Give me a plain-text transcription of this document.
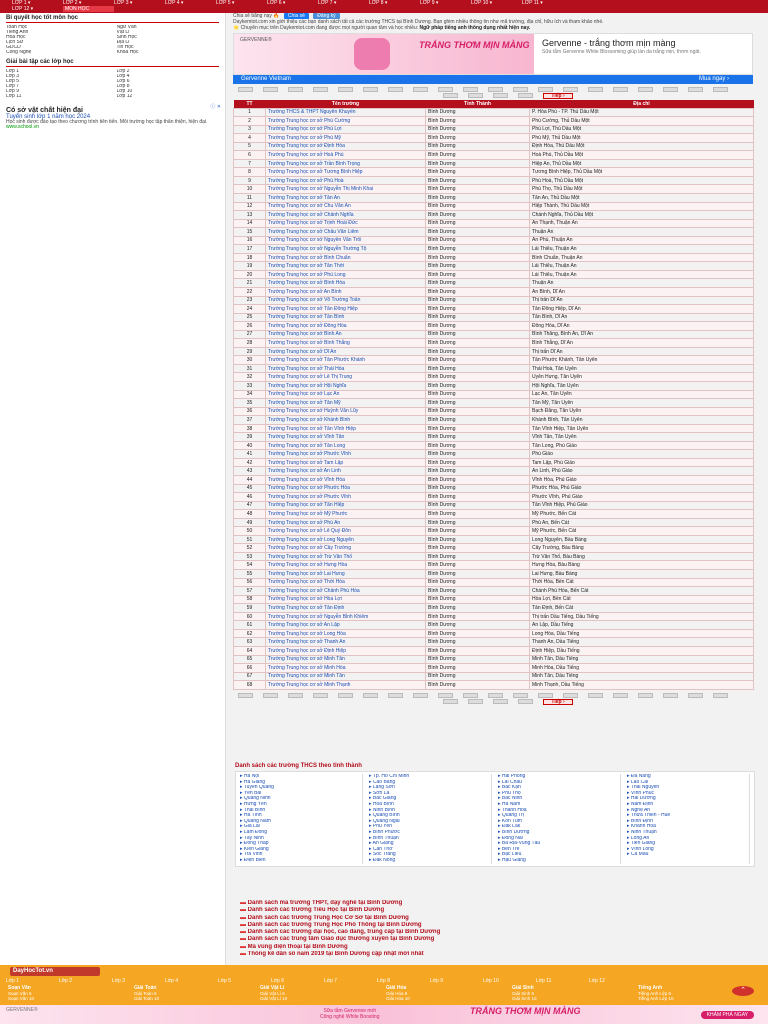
LỚP 1 ▾	LỚP 2 ▾	LỚP 3 ▾	LỚP 4 ▾	LỚP 5 ▾	LỚP 6 ▾	LỚP 7 ▾	LỚP 8 ▾	LỚP 9 ▾	LỚP 10 ▾	LỚP 11 ▾
LỚP 12 ▾	MÔN HỌC
Bí quyết học tốt môn học
Toán Học	Ngữ Văn
Tiếng Anh	Vật Lí
Hóa Học	Sinh Học
Lịch Sử	Địa Lí
GDCD	Tin Học
Công Nghệ	Khoa Học
Giải bài tập các lớp học
Lớp 1	Lớp 2
Lớp 3	Lớp 4
Lớp 5	Lớp 6
Lớp 7	Lớp 8
Lớp 9	Lớp 10
Lớp 11	Lớp 12
ⓘ ✕
Có sở vật chất hiện đại
Tuyển sinh lớp 1 năm học 2024
Học sinh được đào tạo theo chương trình tiên tiến. Môi trường học tập thân thiện, hiện đại.
www.school.vn
Chia sẻ bằng nạy 🔥 Chia sẻ Đăng ký
Daykemtot.com xin giới thiệu các bạn danh sách tất cả các trường THCS tại Bình Dương. Bạn ghim nhiều thông tin như mã trường, địa chỉ, hữu ích và tham khảo nhé.
⭐ Chuyên mục trên Daykemtot.com đang được mọi người quan tâm và học nhiều: Ngữ pháp tiếng anh thông dụng nhất hiện nay.
GERVENNE®	TRẮNG THƠM MỊN MÀNG Gervenne - trắng thơm mịn màng
Sữa tắm Gervenne White Blossoming giúp làn da trắng mịn, thơm ngát.
Gervenne Vietnam	Mua ngay ›
Tiếp ›
TT	Tên trường	Tỉnh Thành	Địa chỉ
1	Trường THCS & THPT Nguyễn Khuyến	Bình Dương	P. Hòa Phú - TP. Thủ Dầu Một
2	Trường Trung học cơ sở Phú Cường	Bình Dương	Phú Cường, Thủ Dầu Một
3	Trường Trung học cơ sở Phú Lợi	Bình Dương	Phú Lợi, Thủ Dầu Một
4	Trường Trung học cơ sở Phú Mỹ	Bình Dương	Phú Mỹ, Thủ Dầu Một
5	Trường Trung học cơ sở Định Hòa	Bình Dương	Định Hòa, Thủ Dầu Một
6	Trường Trung học cơ sở Hoà Phú	Bình Dương	Hoà Phú, Thủ Dầu Một
7	Trường Trung học cơ sở Trần Bình Trọng	Bình Dương	Hiệp An, Thủ Dầu Một
8	Trường Trung học cơ sở Tương Bình Hiệp	Bình Dương	Tương Bình Hiệp, Thủ Dầu Một
9	Trường Trung học cơ sở Phú Hoà	Bình Dương	Phú Hoà, Thủ Dầu Một
10	Trường Trung học cơ sở Nguyễn Thị Minh Khai	Bình Dương	Phú Thọ, Thủ Dầu Một
11	Trường Trung học cơ sở Tân An	Bình Dương	Tân An, Thủ Dầu Một
12	Trường Trung học cơ sở Chu Văn An	Bình Dương	Hiệp Thành, Thủ Dầu Một
13	Trường Trung học cơ sở Chánh Nghĩa	Bình Dương	Chánh Nghĩa, Thủ Dầu Một
14	Trường Trung học cơ sở Trịnh Hoài Đức	Bình Dương	An Thạnh, Thuận An
15	Trường Trung học cơ sở Châu Văn Liêm	Bình Dương	Thuận An
16	Trường Trung học cơ sở Nguyễn Văn Trỗi	Bình Dương	An Phú, Thuận An
17	Trường Trung học cơ sở Nguyễn Trường Tộ	Bình Dương	Lái Thiêu, Thuận An
18	Trường Trung học cơ sở Bình Chuẩn	Bình Dương	Bình Chuẩn, Thuận An
19	Trường Trung học cơ sở Tân Thới	Bình Dương	Lái Thiêu, Thuận An
20	Trường Trung học cơ sở Phú Long	Bình Dương	Lái Thiêu, Thuận An
21	Trường Trung học cơ sở Bình Hòa	Bình Dương	Thuận An
22	Trường Trung học cơ sở An Bình	Bình Dương	An Bình, Dĩ An
23	Trường Trung học cơ sở Võ Trường Toản	Bình Dương	Thị trấn Dĩ An
24	Trường Trung học cơ sở Tân Đông Hiệp	Bình Dương	Tân Đông Hiệp, Dĩ An
25	Trường Trung học cơ sở Tân Bình	Bình Dương	Tân Bình, Dĩ An
26	Trường Trung học cơ sở Đông Hòa	Bình Dương	Đông Hòa, Dĩ An
27	Trường Trung học cơ sở Bình An	Bình Dương	Bình Thắng, Bình An, Dĩ An
28	Trường Trung học cơ sở Bình Thắng	Bình Dương	Bình Thắng, Dĩ An
29	Trường Trung học cơ sở Dĩ An	Bình Dương	Thị trấn Dĩ An
30	Trường Trung học cơ sở Tân Phước Khánh	Bình Dương	Tân Phước Khánh, Tân Uyên
31	Trường Trung học cơ sở Thái Hòa	Bình Dương	Thái Hoà, Tân Uyên
32	Trường Trung học cơ sở Lê Thị Trung	Bình Dương	Uyên Hưng, Tân Uyên
33	Trường Trung học cơ sở Hội Nghĩa	Bình Dương	Hội Nghĩa, Tân Uyên
34	Trường Trung học cơ sở Lạc An	Bình Dương	Lạc An, Tân Uyên
35	Trường Trung học cơ sở Tân Mỹ	Bình Dương	Tân Mỹ, Tân Uyên
36	Trường Trung học cơ sở Huỳnh Văn Lũy	Bình Dương	Bạch Đằng, Tân Uyên
37	Trường Trung học cơ sở Khánh Bình	Bình Dương	Khánh Bình, Tân Uyên
38	Trường Trung học cơ sở Tân Vĩnh Hiệp	Bình Dương	Tân Vĩnh Hiệp, Tân Uyên
39	Trường Trung học cơ sở Vĩnh Tân	Bình Dương	Vĩnh Tân, Tân Uyên
40	Trường Trung học cơ sở Tân Long	Bình Dương	Tân Long, Phú Giáo
41	Trường Trung học cơ sở Phước Vĩnh	Bình Dương	Phú Giáo
42	Trường Trung học cơ sở Tam Lập	Bình Dương	Tam Lập, Phú Giáo
43	Trường Trung học cơ sở An Linh	Bình Dương	An Linh, Phú Giáo
44	Trường Trung học cơ sở Vĩnh Hòa	Bình Dương	Vĩnh Hòa, Phú Giáo
45	Trường Trung học cơ sở Phước Hòa	Bình Dương	Phước Hòa, Phú Giáo
46	Trường Trung học cơ sở Phước Vĩnh	Bình Dương	Phước Vĩnh, Phú Giáo
47	Trường Trung học cơ sở Tân Hiệp	Bình Dương	Tân Vĩnh Hiệp, Phú Giáo
48	Trường Trung học cơ sở Mỹ Phước	Bình Dương	Mỹ Phước, Bến Cát
49	Trường Trung học cơ sở Phú An	Bình Dương	Phú An, Bến Cát
50	Trường Trung học cơ sở Lê Quý Đôn	Bình Dương	Mỹ Phước, Bến Cát
51	Trường Trung học cơ sở Long Nguyên	Bình Dương	Long Nguyên, Bàu Bàng
52	Trường Trung học cơ sở Cây Trường	Bình Dương	Cây Trường, Bàu Bàng
53	Trường Trung học cơ sở Trừ Văn Thố	Bình Dương	Trừ Văn Thố, Bàu Bàng
54	Trường Trung học cơ sở Hưng Hòa	Bình Dương	Hưng Hòa, Bàu Bàng
55	Trường Trung học cơ sở Lai Hưng	Bình Dương	Lai Hưng, Bàu Bàng
56	Trường Trung học cơ sở Thới Hòa	Bình Dương	Thới Hòa, Bến Cát
57	Trường Trung học cơ sở Chánh Phú Hòa	Bình Dương	Chánh Phú Hòa, Bến Cát
58	Trường Trung học cơ sở Hòa Lợi	Bình Dương	Hòa Lợi, Bến Cát
59	Trường Trung học cơ sở Tân Định	Bình Dương	Tân Định, Bến Cát
60	Trường Trung học cơ sở Nguyễn Bỉnh Khiêm	Bình Dương	Thị trấn Dầu Tiếng, Dầu Tiếng
61	Trường Trung học cơ sở An Lập	Bình Dương	An Lập, Dầu Tiếng
62	Trường Trung học cơ sở Long Hòa	Bình Dương	Long Hòa, Dầu Tiếng
63	Trường Trung học cơ sở Thanh An	Bình Dương	Thanh An, Dầu Tiếng
64	Trường Trung học cơ sở Định Hiệp	Bình Dương	Định Hiệp, Dầu Tiếng
65	Trường Trung học cơ sở Minh Tân	Bình Dương	Minh Tân, Dầu Tiếng
66	Trường Trung học cơ sở Minh Hòa	Bình Dương	Minh Hòa, Dầu Tiếng
67	Trường Trung học cơ sở Minh Tân	Bình Dương	Minh Tân, Dầu Tiếng
68	Trường Trung học cơ sở Minh Thạnh	Bình Dương	Minh Thạnh, Dầu Tiếng
Tiếp ›
Danh sách các trường THCS theo tỉnh thành
▸ Hà Nội	▸ Tp. Hồ Chí Minh	▸ Hải Phòng	▸ Đà Nẵng
▸ Hà Giang	▸ Cao Bằng	▸ Lai Châu	▸ Lào Cai
▸ Tuyên Quang	▸ Lạng Sơn	▸ Bắc Kạn	▸ Thái Nguyên
▸ Yên Bái	▸ Sơn La	▸ Phú Thọ	▸ Vĩnh Phúc
▸ Quảng Ninh	▸ Bắc Giang	▸ Bắc Ninh	▸ Hải Dương
▸ Hưng Yên	▸ Hòa Bình	▸ Hà Nam	▸ Nam Định
▸ Thái Bình	▸ Ninh Bình	▸ Thanh Hóa	▸ Nghệ An
▸ Hà Tĩnh	▸ Quảng Bình	▸ Quảng Trị	▸ Thừa Thiên - Huế
▸ Quảng Nam	▸ Quảng Ngãi	▸ Kon Tum	▸ Bình Định
▸ Gia Lai	▸ Phú Yên	▸ Đắk Lắk	▸ Khánh Hòa
▸ Lâm Đồng	▸ Bình Phước	▸ Bình Dương	▸ Ninh Thuận
▸ Tây Ninh	▸ Bình Thuận	▸ Đồng Nai	▸ Long An
▸ Đồng Tháp	▸ An Giang	▸ Bà Rịa-Vũng Tàu	▸ Tiền Giang
▸ Kiên Giang	▸ Cần Thơ	▸ Bến Tre	▸ Vĩnh Long
▸ Trà Vinh	▸ Sóc Trăng	▸ Bạc Liêu	▸ Cà Mau
▸ Điện Biên	▸ Đắk Nông	▸ Hậu Giang
▬ Danh sách mã trường THPT, dạy nghề tại Bình Dương
▬ Danh sách các trường Tiểu Học tại Bình Dương
▬ Danh sách các trường Trung Học Cơ Sở tại Bình Dương
▬ Danh sách các trường Trung Học Phổ Thông tại Bình Dương
▬ Danh sách các trường đại học, cao đẳng, trung cấp tại Bình Dương
▬ Danh sách các trung tâm Giáo dục thường xuyên tại Bình Dương
▬ Mã vùng điện thoại tại Bình Dương
▬ Thống kê dân số năm 2019 tại Bình Dương cập nhật mới nhất
DayHocTot.vn
Lớp 1	Lớp 2	Lớp 3	Lớp 4	Lớp 5	Lớp 6	Lớp 7	Lớp 8	Lớp 9	Lớp 10	Lớp 11	Lớp 12
Soạn Văn
Soạn Văn 6
Soạn Văn 10
Giải Toán
Giải Toán 6
Giải Toán 10
Giải Vật Lí
Giải Vật Lí 6
Giải Vật Lí 10
Giải Hóa
Giải Hóa 8
Giải Hóa 10
Giải Sinh
Giải Sinh 6
Giải Sinh 10
Tiếng Anh
Tiếng Anh Lớp 6
Tiếng Anh Lớp 10
⌃
GERVENNE®	Sữa tắm Gervenne mới
Công nghệ White Boosting
TRẮNG THƠM MỊN MÀNG	KHÁM PHÁ NGAY
